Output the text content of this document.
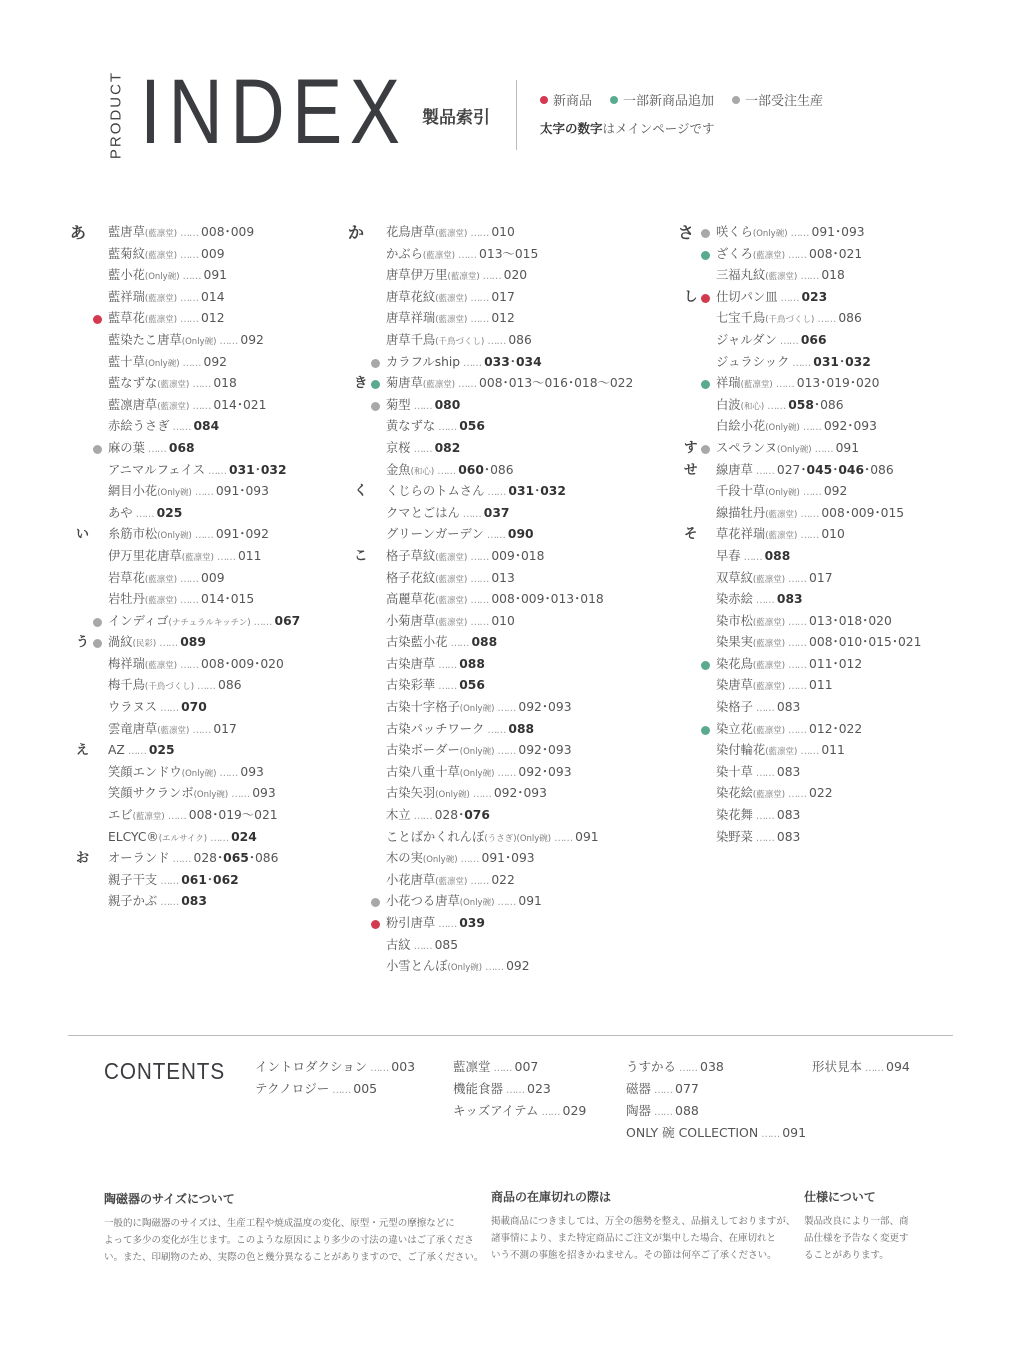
PRODUCT INDEX 製品索引
新商品 一部新商品追加 一部受注生産
太字の数字はメインページです
あ 藍唐草(藍凛堂) …… 008･009
藍菊紋(藍凛堂) …… 009
藍小花(Only碗) …… 091
藍祥瑞(藍凛堂) …… 014
藍草花(藍凛堂) …… 012
藍染たこ唐草(Only碗) …… 092
藍十草(Only碗) …… 092
藍なずな(藍凛堂) …… 018
藍凛唐草(藍凛堂) …… 014･021
赤絵うさぎ …… 084
麻の葉 …… 068
アニマルフェイス …… 031･032
網目小花(Only碗) …… 091･093
あや …… 025
い 糸筋市松(Only碗) …… 091･092
伊万里花唐草(藍凛堂) …… 011
岩草花(藍凛堂) …… 009
岩牡丹(藍凛堂) …… 014･015
インディゴ(ナチュラルキッチン) …… 067
う 渦紋(民彩) …… 089
梅祥瑞(藍凛堂) …… 008･009･020
梅千鳥(千鳥づくし) …… 086
ウラヌス …… 070
雲竜唐草(藍凛堂) …… 017
え AZ …… 025
笑顔エンドウ(Only碗) …… 093
笑顔サクランボ(Only碗) …… 093
エビ(藍凛堂) …… 008･019〜021
ELCYC®(エルサイク) …… 024
お オーランド …… 028･065･086
親子干支 …… 061･062
親子かぶ …… 083
か 花鳥唐草(藍凛堂) …… 010
かぶら(藍凛堂) …… 013〜015
唐草伊万里(藍凛堂) …… 020
唐草花紋(藍凛堂) …… 017
唐草祥瑞(藍凛堂) …… 012
唐草千鳥(千鳥づくし) …… 086
カラフルship …… 033･034
き 菊唐草(藍凛堂) …… 008･013〜016･018〜022
菊型 …… 080
黄なずな …… 056
京桜 …… 082
金魚(和心) …… 060･086
く くじらのトムさん …… 031･032
クマとごはん …… 037
グリーンガーデン …… 090
こ 格子草紋(藍凛堂) …… 009･018
格子花紋(藍凛堂) …… 013
高麗草花(藍凛堂) …… 008･009･013･018
小菊唐草(藍凛堂) …… 010
古染藍小花 …… 088
古染唐草 …… 088
古染彩華 …… 056
古染十字格子(Only碗) …… 092･093
古染パッチワーク …… 088
古染ボーダー(Only碗) …… 092･093
古染八重十草(Only碗) …… 092･093
古染矢羽(Only碗) …… 092･093
木立 …… 028･076
ことばかくれんぼ(うさぎ)(Only碗) …… 091
木の実(Only碗) …… 091･093
小花唐草(藍凛堂) …… 022
小花つる唐草(Only碗) …… 091
粉引唐草 …… 039
古紋 …… 085
小雪とんぼ(Only碗) …… 092
さ 咲くら(Only碗) …… 091･093
ざくろ(藍凛堂) …… 008･021
三福丸紋(藍凛堂) …… 018
し 仕切パン皿 …… 023
七宝千鳥(千鳥づくし) …… 086
ジャルダン …… 066
ジュラシック …… 031･032
祥瑞(藍凛堂) …… 013･019･020
白波(和心) …… 058･086
白絵小花(Only碗) …… 092･093
す スペランヌ(Only碗) …… 091
せ 線唐草 …… 027･045･046･086
千段十草(Only碗) …… 092
線描牡丹(藍凛堂) …… 008･009･015
そ 草花祥瑞(藍凛堂) …… 010
早春 …… 088
双草紋(藍凛堂) …… 017
染赤絵 …… 083
染市松(藍凛堂) …… 013･018･020
染果実(藍凛堂) …… 008･010･015･021
染花鳥(藍凛堂) …… 011･012
染唐草(藍凛堂) …… 011
染格子 …… 083
染立花(藍凛堂) …… 012･022
染付輪花(藍凛堂) …… 011
染十草 …… 083
染花絵(藍凛堂) …… 022
染花舞 …… 083
染野菜 …… 083
CONTENTS イントロダクション …… 003
テクノロジー …… 005
藍凛堂 …… 007
機能食器 …… 023
キッズアイテム …… 029
うすかる …… 038
磁器 …… 077
陶器 …… 088
ONLY 碗 COLLECTION …… 091
形状見本 …… 094
陶磁器のサイズについて
一般的に陶磁器のサイズは、生産工程や焼成温度の変化、原型・元型の摩擦などに
よって多少の変化が生じます。このような原因により多少の寸法の違いはご了承くださ
い。また、印刷物のため、実際の色と幾分異なることがありますので、ご了承ください。
商品の在庫切れの際は
掲載商品につきましては、万全の態勢を整え、品揃えしておりますが、
諸事情により、また特定商品にご注文が集中した場合、在庫切れと
いう不測の事態を招きかねません。その節は何卒ご了承ください。
仕様について
製品改良により一部、商
品仕様を予告なく変更す
ることがあります。
